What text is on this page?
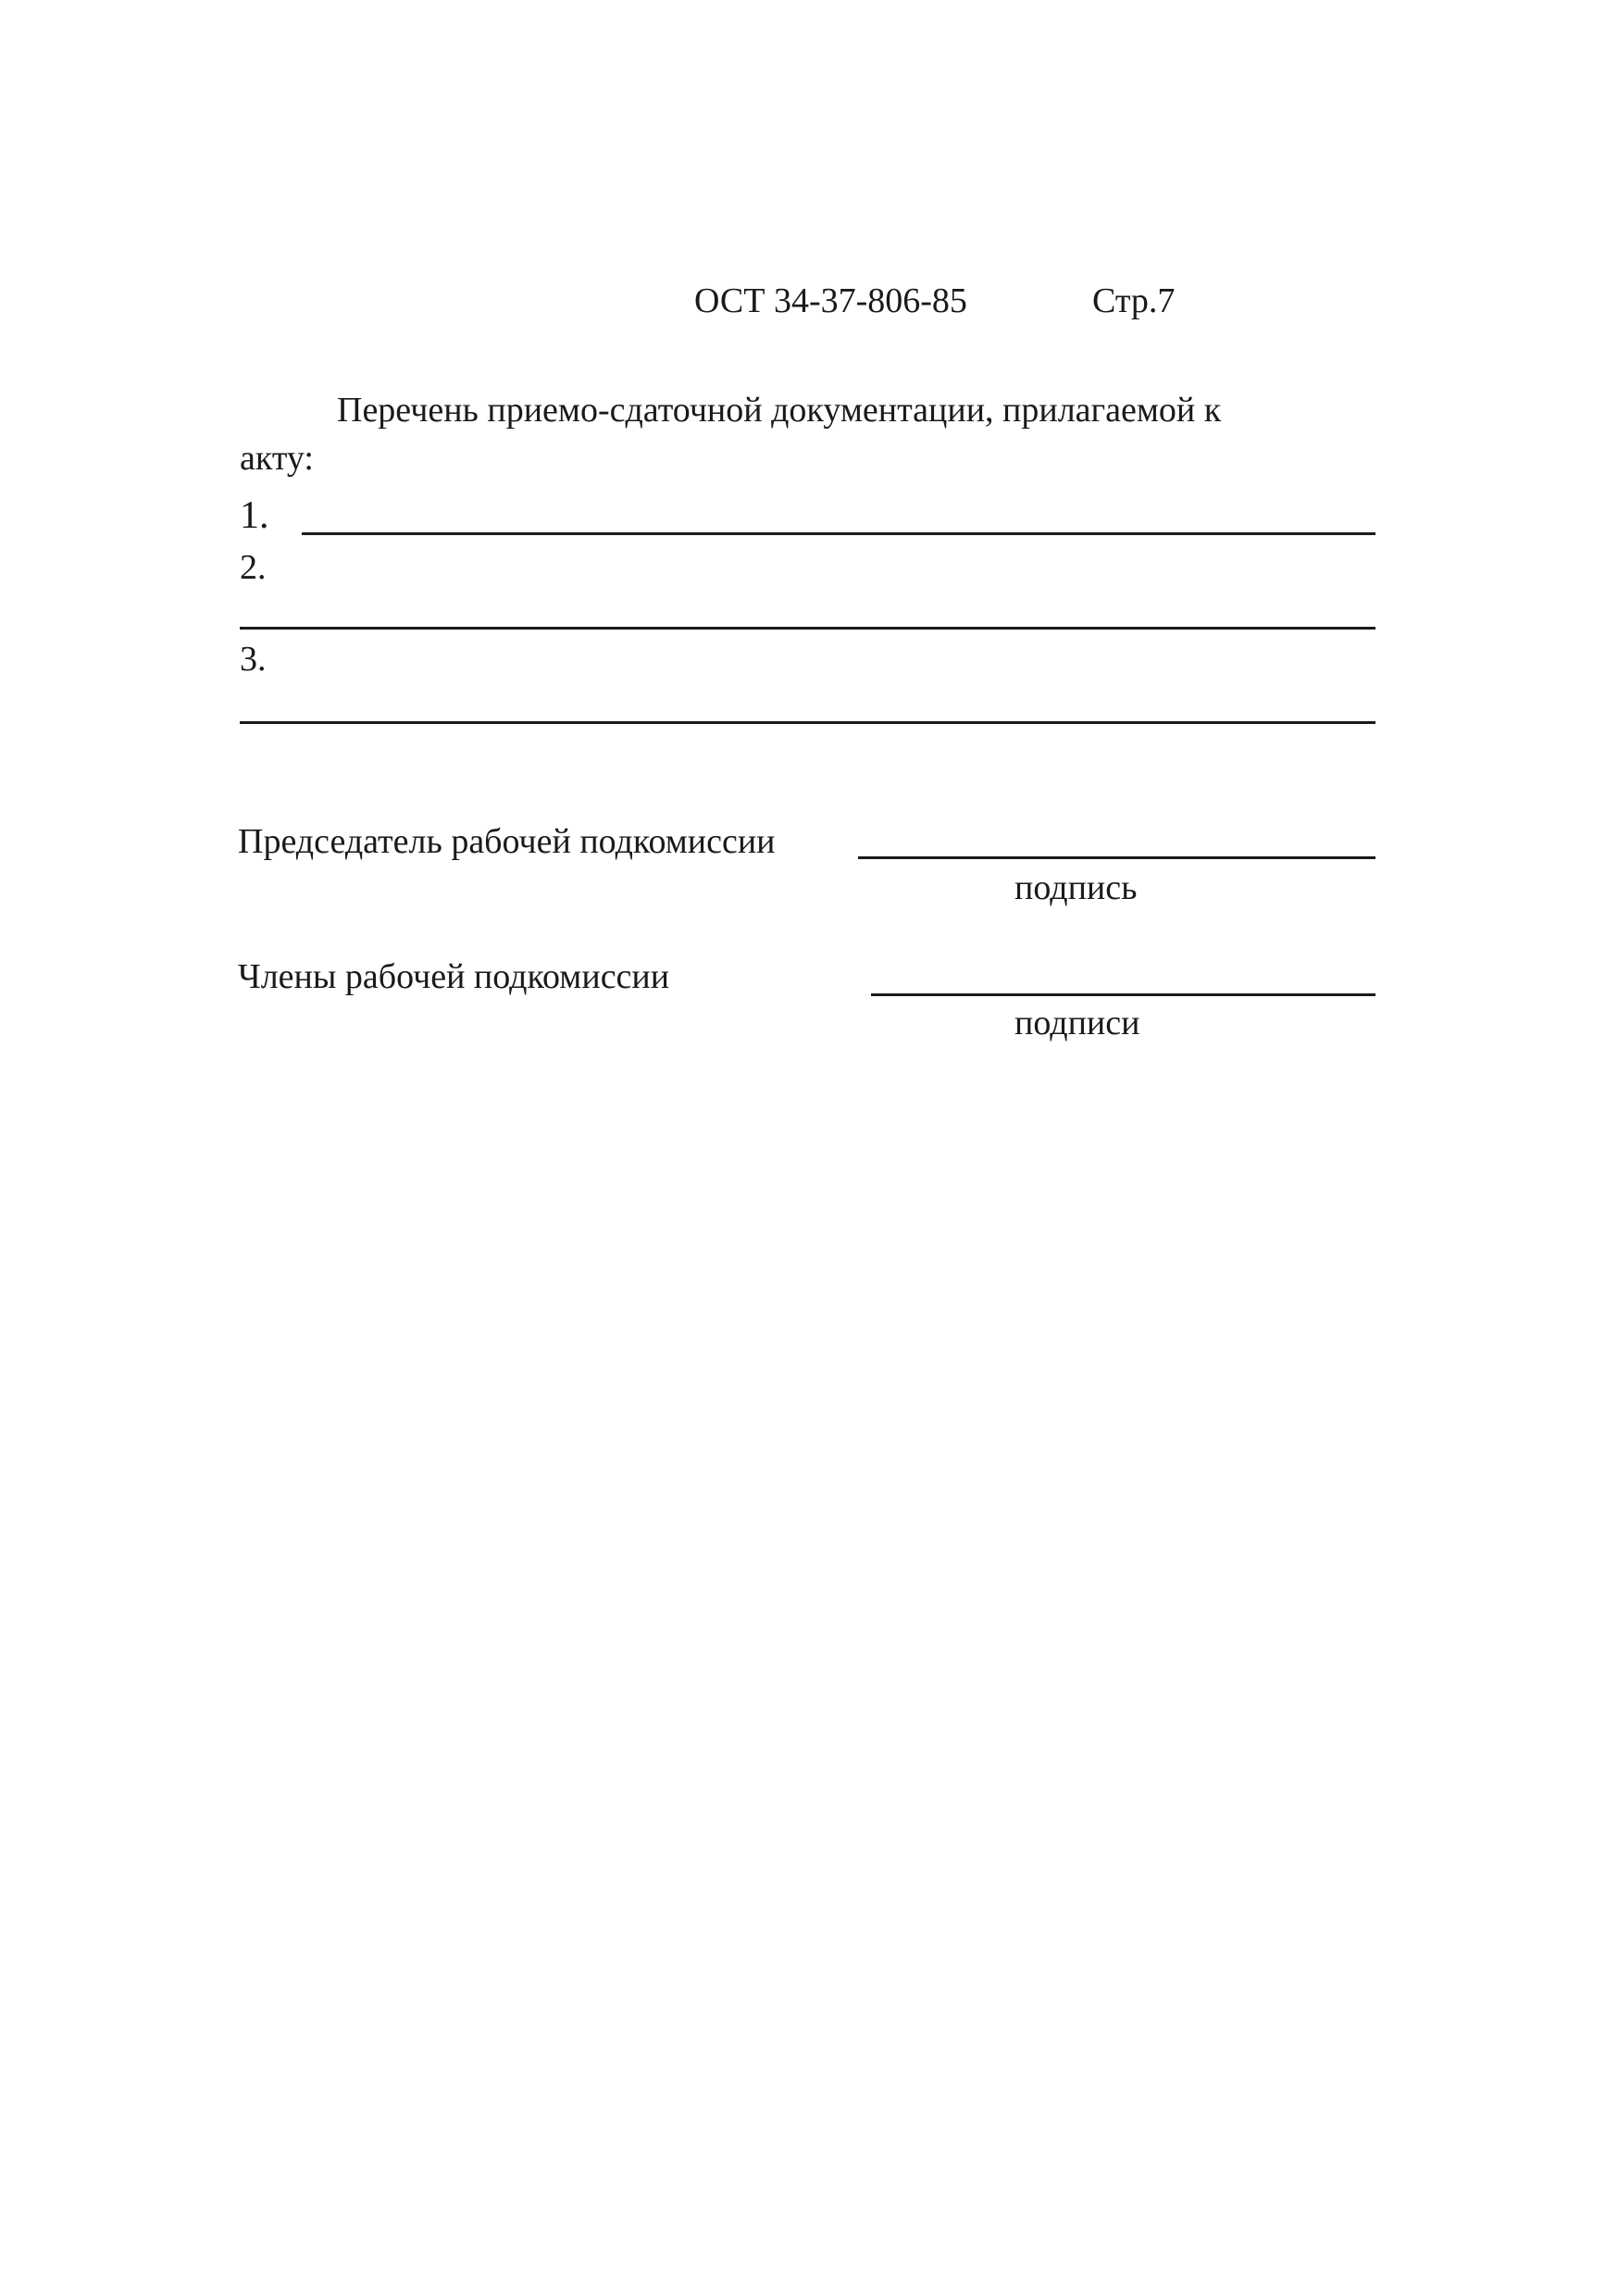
ОСТ 34-37-806-85	Стр.7
Перечень приемо-сдаточной документации, прилагаемой к
акту:
1.
2.
3.
Председатель рабочей подкомиссии
подпись
Члены рабочей подкомиссии
подписи
